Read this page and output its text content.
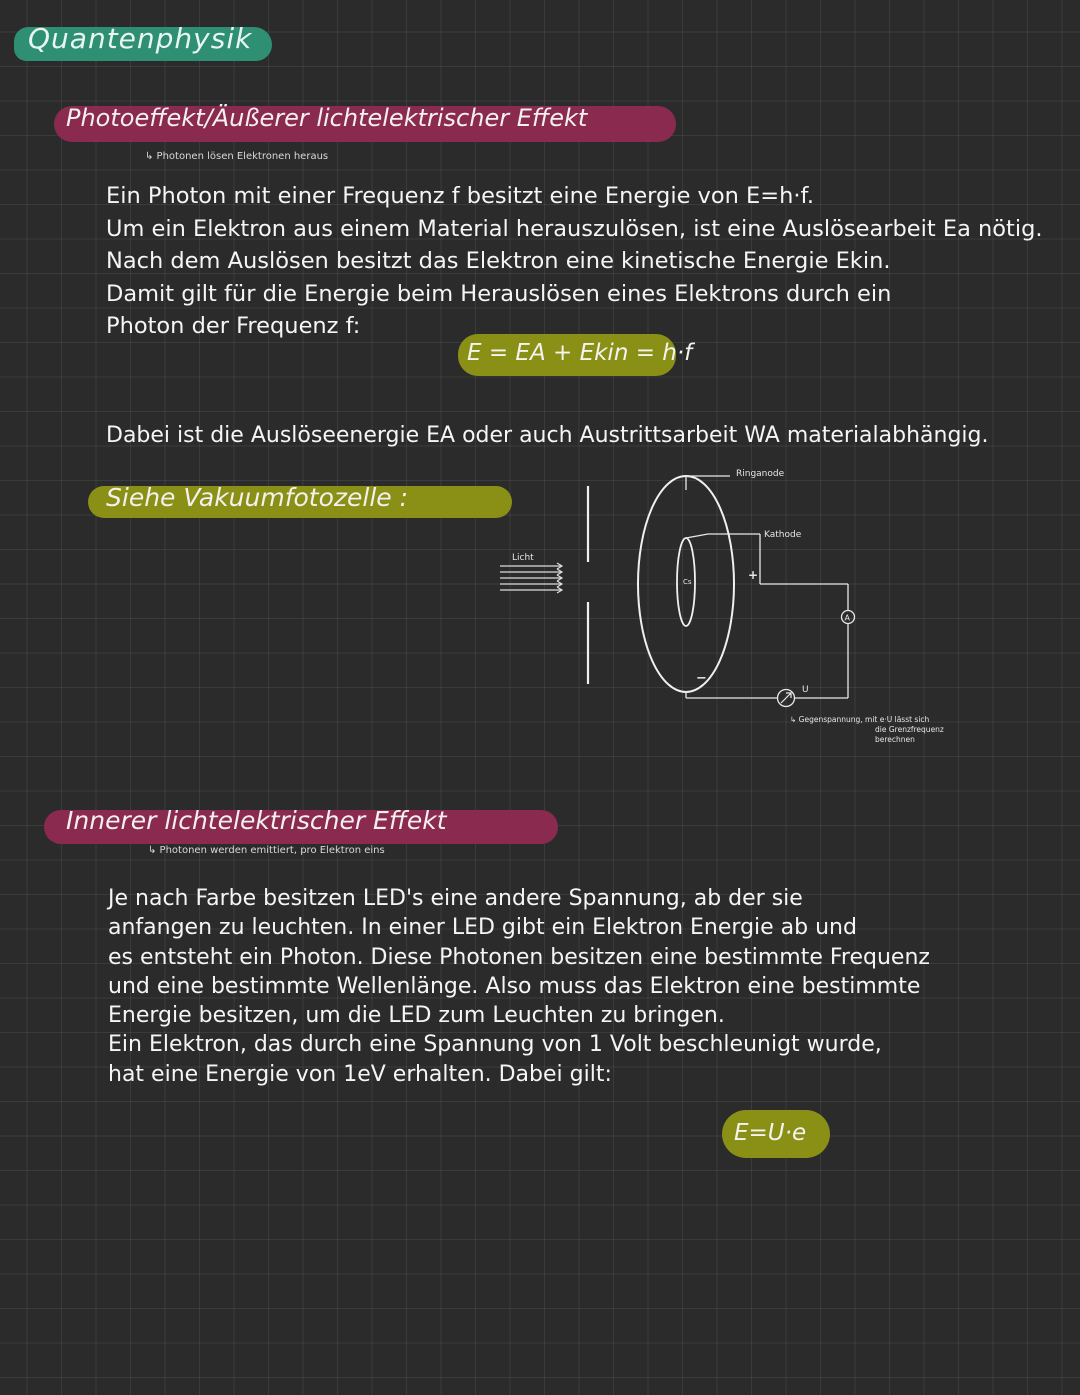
Quantenphysik
Photoeffekt/Äußerer lichtelektrischer Effekt
↳ Photonen lösen Elektronen heraus
Ein Photon mit einer Frequenz f besitzt eine Energie von E=h·f.
Um ein Elektron aus einem Material herauszulösen, ist eine Auslösearbeit Ea nötig.
Nach dem Auslösen besitzt das Elektron eine kinetische Energie Ekin.
Damit gilt für die Energie beim Herauslösen eines Elektrons durch ein
Photon der Frequenz f:
E = EA + Ekin = h·f
Dabei ist die Auslöseenergie EA oder auch Austrittsarbeit WA materialabhängig.
Siehe Vakuumfotozelle :
Licht
Cs
A
U
+
−
Ringanode
Kathode
↳ Gegenspannung, mit e·U lässt sich
die Grenzfrequenz
berechnen
Innerer lichtelektrischer Effekt
↳ Photonen werden emittiert, pro Elektron eins
Je nach Farbe besitzen LED's eine andere Spannung, ab der sie
anfangen zu leuchten. In einer LED gibt ein Elektron Energie ab und
es entsteht ein Photon. Diese Photonen besitzen eine bestimmte Frequenz
und eine bestimmte Wellenlänge. Also muss das Elektron eine bestimmte
Energie besitzen, um die LED zum Leuchten zu bringen.
Ein Elektron, das durch eine Spannung von 1 Volt beschleunigt wurde,
hat eine Energie von 1eV erhalten. Dabei gilt:
E=U·e
